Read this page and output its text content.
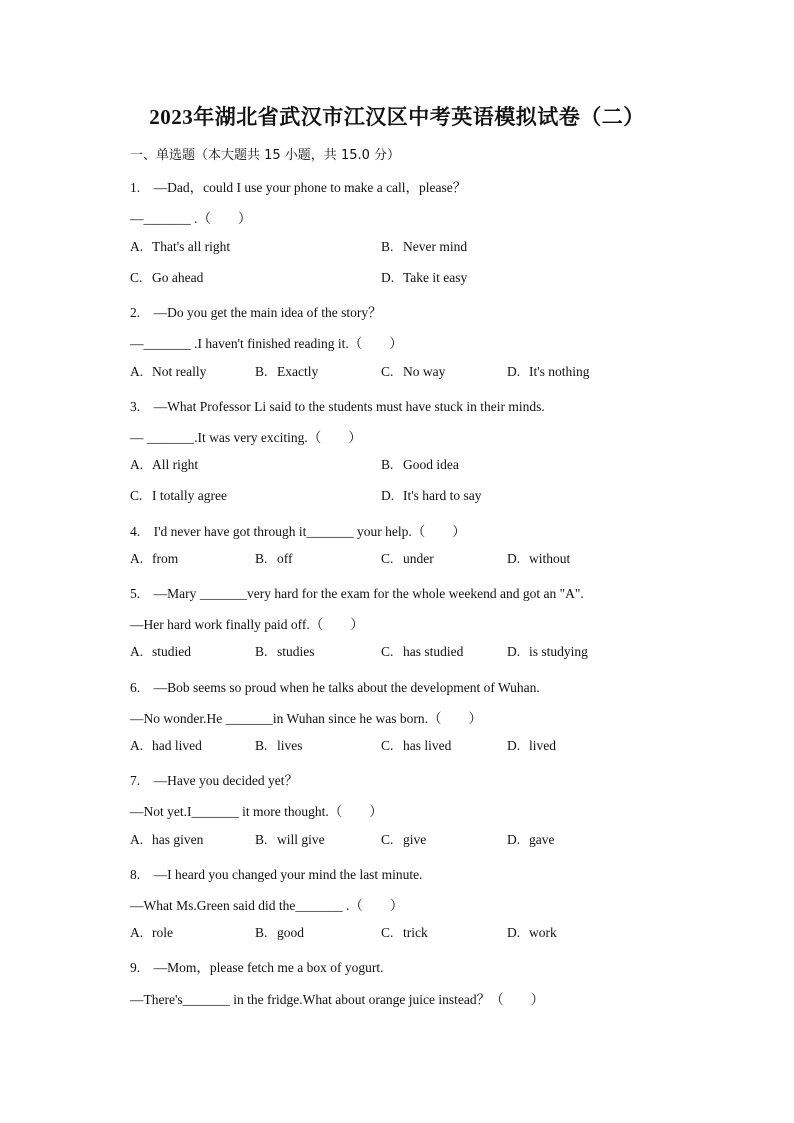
2023年湖北省武汉市江汉区中考英语模拟试卷（二）
一、单选题（本大题共 15 小题，共 15.0 分）
1.　—Dad，could I use your phone to make a call，please？
—_______ .（　　）
A. That's all right	B. Never mind
C. Go ahead	D. Take it easy
2.　—Do you get the main idea of the story？
—_______ .I haven't finished reading it.（　　）
A. Not really	B. Exactly	C. No way	D. It's nothing
3.　—What Professor Li said to the students must have stuck in their minds.
— _______.It was very exciting.（　　）
A. All right	B. Good idea
C. I totally agree	D. It's hard to say
4.　I'd never have got through it_______ your help.（　　）
A. from	B. off	C. under	D. without
5.　—Mary _______very hard for the exam for the whole weekend and got an "A".
—Her hard work finally paid off.（　　）
A. studied	B. studies	C. has studied	D. is studying
6.　—Bob seems so proud when he talks about the development of Wuhan.
—No wonder.He _______in Wuhan since he was born.（　　）
A. had lived	B. lives	C. has lived	D. lived
7.　—Have you decided yet？
—Not yet.I_______ it more thought.（　　）
A. has given	B. will give	C. give	D. gave
8.　—I heard you changed your mind the last minute.
—What Ms.Green said did the_______ .（　　）
A. role	B. good	C. trick	D. work
9.　—Mom，please fetch me a box of yogurt.
—There's_______ in the fridge.What about orange juice instead？（　　）
